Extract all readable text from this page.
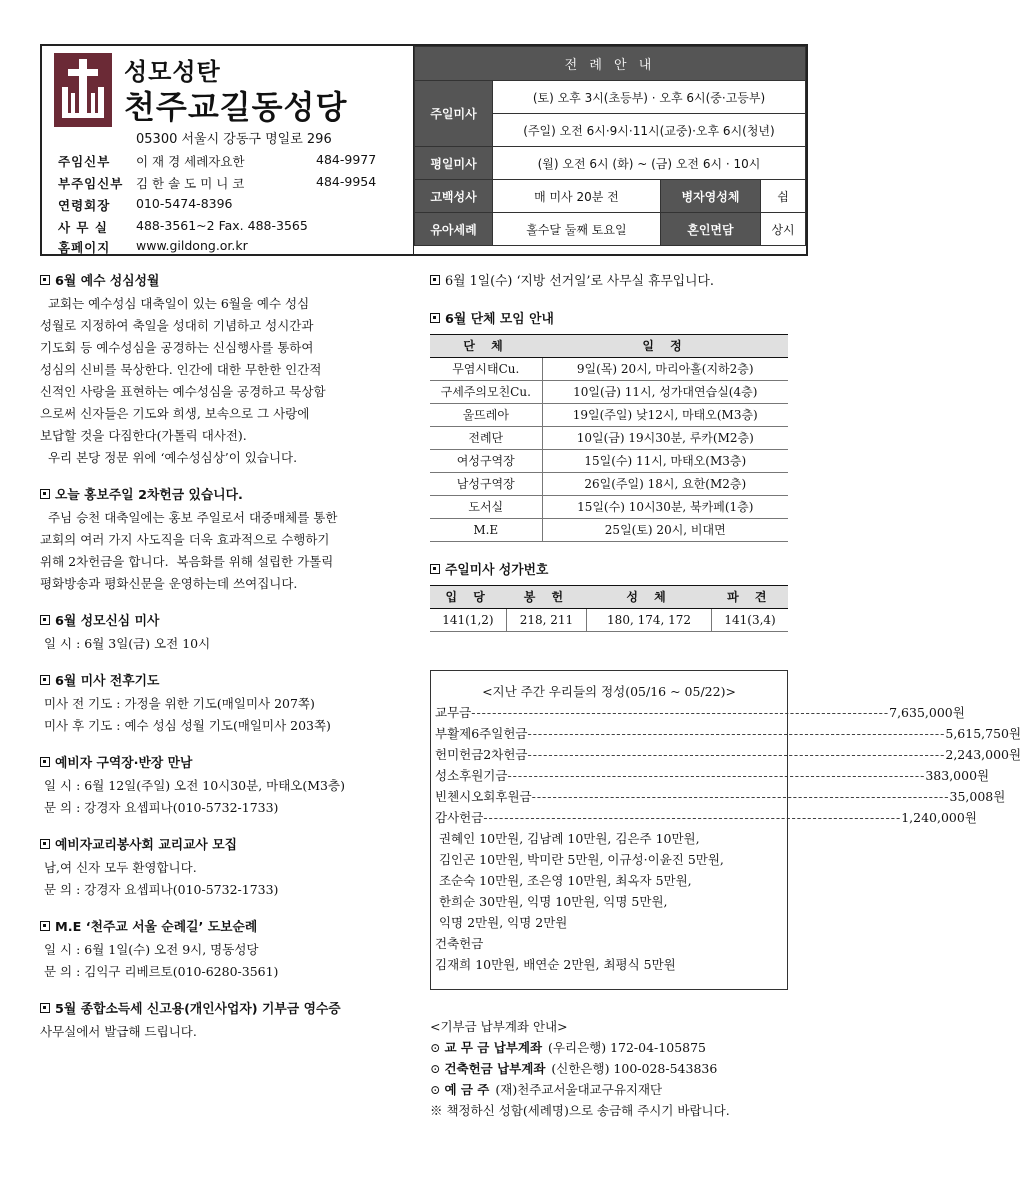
성모성탄
천주교길동성당
05300 서울시 강동구 명일로 296
주임신부	이 재 경 세례자요한	484-9977
부주임신부	김 한 솔 도 미 니 코	484-9954
연령회장	010-5474-8396
사 무 실	488-3561~2 Fax. 488-3565
홈페이지	www.gildong.or.kr
전 례 안 내			
주일미사	(토) 오후 3시(초등부) · 오후 6시(중·고등부)		
	(주일) 오전 6시·9시·11시(교중)·오후 6시(청년)		
평일미사	(월) 오전 6시 (화) ~ (금) 오전 6시 · 10시		
고백성사	매 미사 20분 전	병자영성체	쉼
유아세례	홀수달 둘째 토요일	혼인면담	상시
6월 예수 성심성월
교회는 예수성심 대축일이 있는 6월을 예수 성심
성월로 지정하여 축일을 성대히 기념하고 성시간과
기도회 등 예수성심을 공경하는 신심행사를 통하여
성심의 신비를 묵상한다. 인간에 대한 무한한 인간적
신적인 사랑을 표현하는 예수성심을 공경하고 묵상함
으로써 신자들은 기도와 희생, 보속으로 그 사랑에
보답할 것을 다짐한다(가톨릭 대사전).
우리 본당 정문 위에 ‘예수성심상’이 있습니다.
오늘 홍보주일 2차헌금 있습니다.
주님 승천 대축일에는 홍보 주일로서 대중매체를 통한
교회의 여러 가지 사도직을 더욱 효과적으로 수행하기
위해 2차헌금을 합니다.  복음화를 위해 설립한 가톨릭
평화방송과 평화신문을 운영하는데 쓰여집니다.
6월 성모신심 미사
일 시 : 6월 3일(금) 오전 10시
6월 미사 전후기도
미사 전 기도 : 가정을 위한 기도(매일미사 207쪽)
미사 후 기도 : 예수 성심 성월 기도(매일미사 203쪽)
예비자 구역장·반장 만남
일 시 : 6월 12일(주일) 오전 10시30분, 마태오(M3층)
문 의 : 강경자 요셉피나(010-5732-1733)
예비자교리봉사회 교리교사 모집
남,여 신자 모두 환영합니다.
문 의 : 강경자 요셉피나(010-5732-1733)
M.E ‘천주교 서울 순례길’ 도보순례
일 시 : 6월 1일(수) 오전 9시, 명동성당
문 의 : 김익구 리베르토(010-6280-3561)
5월 종합소득세 신고용(개인사업자) 기부금 영수증
사무실에서 발급해 드립니다.
6월 1일(수) ‘지방 선거일’로 사무실 휴무입니다.
6월 단체 모임 안내
단 체	일 정
무염시태Cu.	9일(목) 20시, 마리아홀(지하2층)
구세주의모친Cu.	10일(금) 11시, 성가대연습실(4층)
울뜨레아	19일(주일) 낮12시, 마태오(M3층)
전례단	10일(금) 19시30분, 루카(M2층)
여성구역장	15일(수) 11시, 마태오(M3층)
남성구역장	26일(주일) 18시, 요한(M2층)
도서실	15일(수) 10시30분, 북카페(1층)
M.E	25일(토) 20시, 비대면
주일미사 성가번호
입 당	봉 헌	성 체	파 견
141(1,2)	218, 211	180, 174, 172	141(3,4)
<지난 주간 우리들의 정성(05/16 ~ 05/22)>
교무금 -------------------------------------------------------------------------------- 7,635,000원
부활제6주일헌금 -------------------------------------------------------------------------------- 5,615,750원
헌미헌금2차헌금 -------------------------------------------------------------------------------- 2,243,000원
성소후원기금 -------------------------------------------------------------------------------- 383,000원
빈첸시오회후원금 -------------------------------------------------------------------------------- 35,008원
감사헌금 -------------------------------------------------------------------------------- 1,240,000원
권혜인 10만원, 김남례 10만원, 김은주 10만원,
김인곤 10만원, 박미란 5만원, 이규성·이윤진 5만원,
조순숙 10만원, 조은영 10만원, 최옥자 5만원,
한희순 30만원, 익명 10만원, 익명 5만원,
익명 2만원, 익명 2만원
건축헌금
김재희 10만원, 배연순 2만원, 최평식 5만원
<기부금 납부계좌 안내>
⊙ 교 무 금 납부계좌 (우리은행) 172-04-105875
⊙ 건축헌금 납부계좌 (신한은행) 100-028-543836
⊙ 예 금 주 (재)천주교서울대교구유지재단
※ 책정하신 성함(세례명)으로 송금해 주시기 바랍니다.
